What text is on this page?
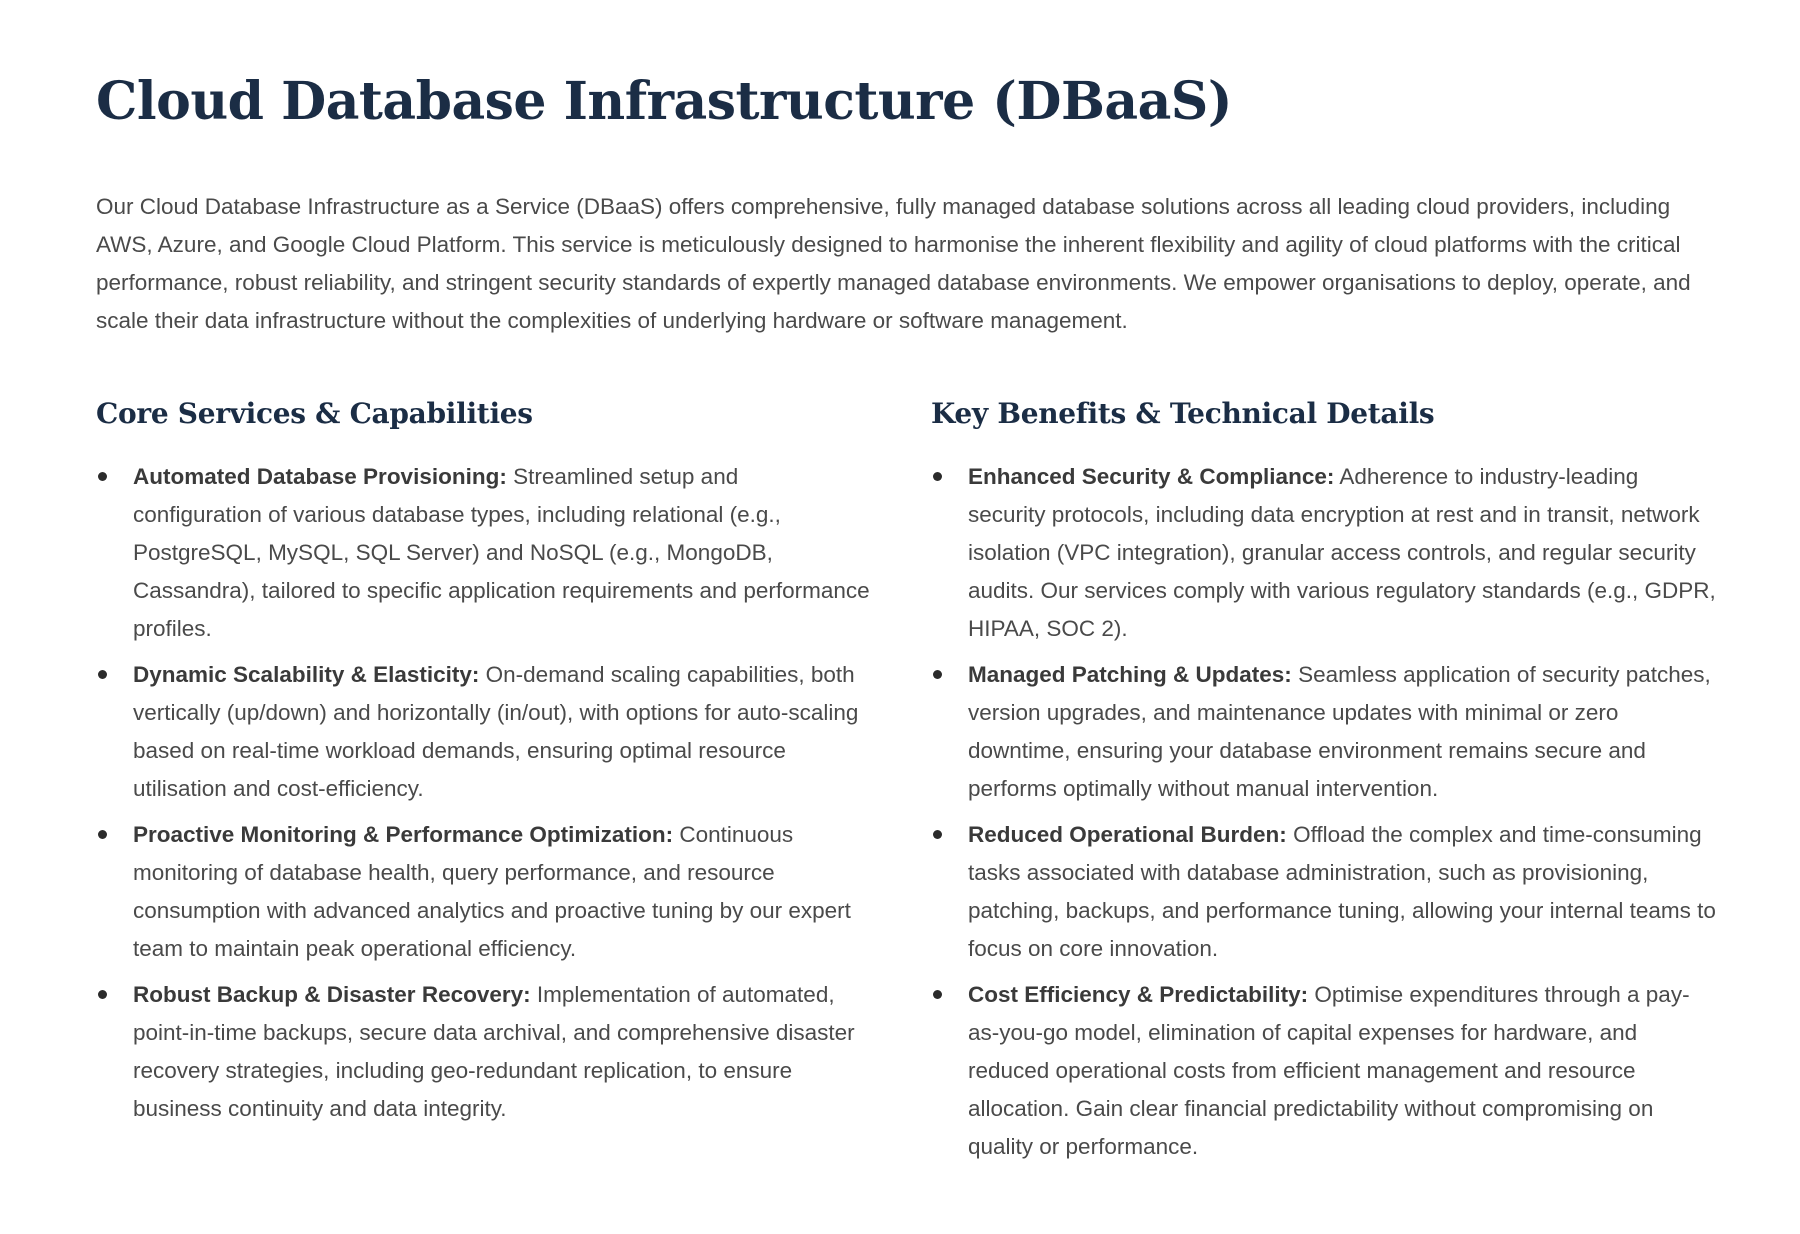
Cloud Database Infrastructure (DBaaS)

Our Cloud Database Infrastructure as a Service (DBaaS) offers comprehensive, fully managed database solutions across all leading cloud providers, including AWS, Azure, and Google Cloud Platform. This service is meticulously designed to harmonise the inherent flexibility and agility of cloud platforms with the critical performance, robust reliability, and stringent security standards of expertly managed database environments. We empower organisations to deploy, operate, and scale their data infrastructure without the complexities of underlying hardware or software management.

Core Services & Capabilities
Automated Database Provisioning: Streamlined setup and configuration of various database types, including relational (e.g., PostgreSQL, MySQL, SQL Server) and NoSQL (e.g., MongoDB, Cassandra), tailored to specific application requirements and performance profiles.
Dynamic Scalability & Elasticity: On-demand scaling capabilities, both vertically (up/down) and horizontally (in/out), with options for auto-scaling based on real-time workload demands, ensuring optimal resource utilisation and cost-efficiency.
Proactive Monitoring & Performance Optimization: Continuous monitoring of database health, query performance, and resource consumption with advanced analytics and proactive tuning by our expert team to maintain peak operational efficiency.
Robust Backup & Disaster Recovery: Implementation of automated, point-in-time backups, secure data archival, and comprehensive disaster recovery strategies, including geo-redundant replication, to ensure business continuity and data integrity.
Key Benefits & Technical Details
Enhanced Security & Compliance: Adherence to industry-leading security protocols, including data encryption at rest and in transit, network isolation (VPC integration), granular access controls, and regular security audits. Our services comply with various regulatory standards (e.g., GDPR, HIPAA, SOC 2).
Managed Patching & Updates: Seamless application of security patches, version upgrades, and maintenance updates with minimal or zero downtime, ensuring your database environment remains secure and performs optimally without manual intervention.
Reduced Operational Burden: Offload the complex and time-consuming tasks associated with database administration, such as provisioning, patching, backups, and performance tuning, allowing your internal teams to focus on core innovation.
Cost Efficiency & Predictability: Optimise expenditures through a pay-as-you-go model, elimination of capital expenses for hardware, and reduced operational costs from efficient management and resource allocation. Gain clear financial predictability without compromising on quality or performance.
